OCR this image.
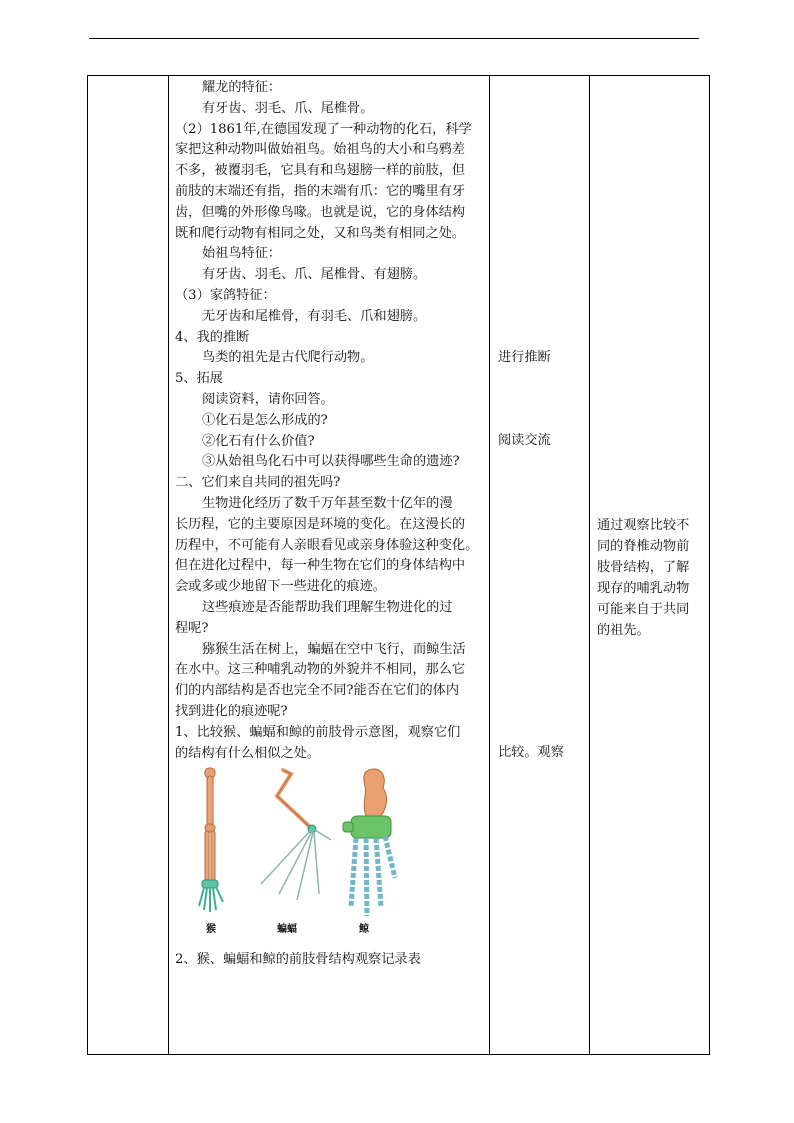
耀龙的特征：

有牙齿、羽毛、爪、尾椎骨。

（2）1861年,在德国发现了一种动物的化石，科学

家把这种动物叫做始祖鸟。始祖鸟的大小和乌鸦差

不多，被覆羽毛，它具有和鸟翅膀一样的前肢，但

前肢的末端还有指，指的末端有爪：它的嘴里有牙

齿，但嘴的外形像鸟喙。也就是说，它的身体结构

既和爬行动物有相同之处，又和鸟类有相同之处。

始祖鸟特征：

有牙齿、羽毛、爪、尾椎骨、有翅膀。

（3）家鸽特征：

无牙齿和尾椎骨，有羽毛、爪和翅膀。

4、我的推断

鸟类的祖先是古代爬行动物。

5、拓展

阅读资料，请你回答。

①化石是怎么形成的?

②化石有什么价值?

③从始祖鸟化石中可以获得哪些生命的遗迹?

二、它们来自共同的祖先吗?

生物进化经历了数千万年甚至数十亿年的漫

长历程，它的主要原因是环境的变化。在这漫长的

历程中，不可能有人亲眼看见或亲身体验这种变化。

但在进化过程中，每一种生物在它们的身体结构中

会或多或少地留下一些进化的痕迹。

这些痕迹是否能帮助我们理解生物进化的过

程呢?

猕猴生活在树上，蝙蝠在空中飞行，而鲸生活

在水中。这三种哺乳动物的外貌并不相同，那么它

们的内部结构是否也完全不同?能否在它们的体内

找到进化的痕迹呢?

1、比较猴、蝙蝠和鲸的前肢骨示意图，观察它们

的结构有什么相似之处。

猴	蝙蝠	鲸

2、猴、蝙蝠和鲸的前肢骨结构观察记录表

进行推断
阅读交流
比较。观察

通过观察比较不

同的脊椎动物前

肢骨结构，了解

现存的哺乳动物

可能来自于共同

的祖先。
